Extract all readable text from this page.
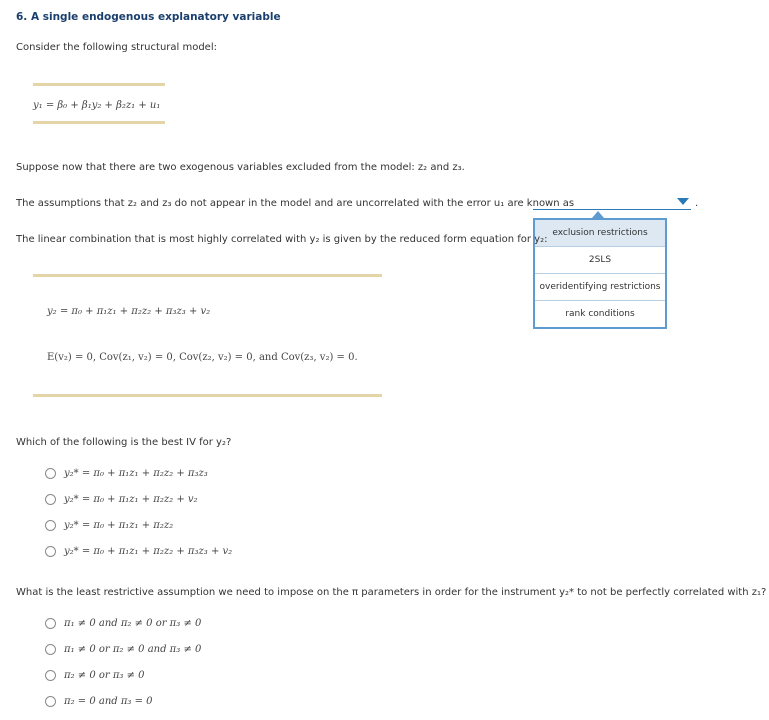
6. A single endogenous explanatory variable
Consider the following structural model:
y₁ = β₀ + β₁y₂ + β₂z₁ + u₁
Suppose now that there are two exogenous variables excluded from the model: z₂ and z₃.
The assumptions that z₂ and z₃ do not appear in the model and are uncorrelated with the error u₁ are known as	.
exclusion restrictions
2SLS
overidentifying restrictions
rank conditions
The linear combination that is most highly correlated with y₂ is given by the reduced form equation for y₂:
y₂ = π₀ + π₁z₁ + π₂z₂ + π₃z₃ + v₂
E(v₂) = 0, Cov(z₁, v₂) = 0, Cov(z₂, v₂) = 0, and Cov(z₃, v₂) = 0.
Which of the following is the best IV for y₂?
y₂* = π₀ + π₁z₁ + π₂z₂ + π₃z₃
y₂* = π₀ + π₁z₁ + π₂z₂ + v₂
y₂* = π₀ + π₁z₁ + π₂z₂
y₂* = π₀ + π₁z₁ + π₂z₂ + π₃z₃ + v₂
What is the least restrictive assumption we need to impose on the π parameters in order for the instrument y₂* to not be perfectly correlated with z₁?
π₁ ≠ 0 and π₂ ≠ 0 or π₃ ≠ 0
π₁ ≠ 0 or π₂ ≠ 0 and π₃ ≠ 0
π₂ ≠ 0 or π₃ ≠ 0
π₂ = 0 and π₃ = 0
